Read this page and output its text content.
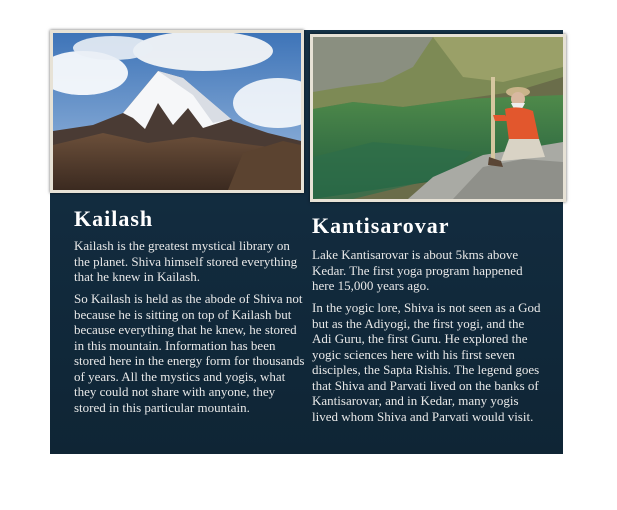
Kailash

Kailash is the greatest mystical library on the planet. Shiva himself stored everything that he knew in Kailash.

So Kailash is held as the abode of Shiva not because he is sitting on top of Kailash but because everything that he knew, he stored in this mountain. Information has been stored here in the energy form for thousands of years. All the mystics and yogis, what they could not share with anyone, they stored in this particular mountain.

Kantisarovar

Lake Kantisarovar is about 5kms above Kedar. The first yoga program happened here 15,000 years ago.

In the yogic lore, Shiva is not seen as a God but as the Adiyogi, the first yogi, and the Adi Guru, the first Guru. He explored the yogic sciences here with his first seven disciples, the Sapta Rishis. The legend goes that Shiva and Parvati lived on the banks of Kantisarovar, and in Kedar, many yogis lived whom Shiva and Parvati would visit.
